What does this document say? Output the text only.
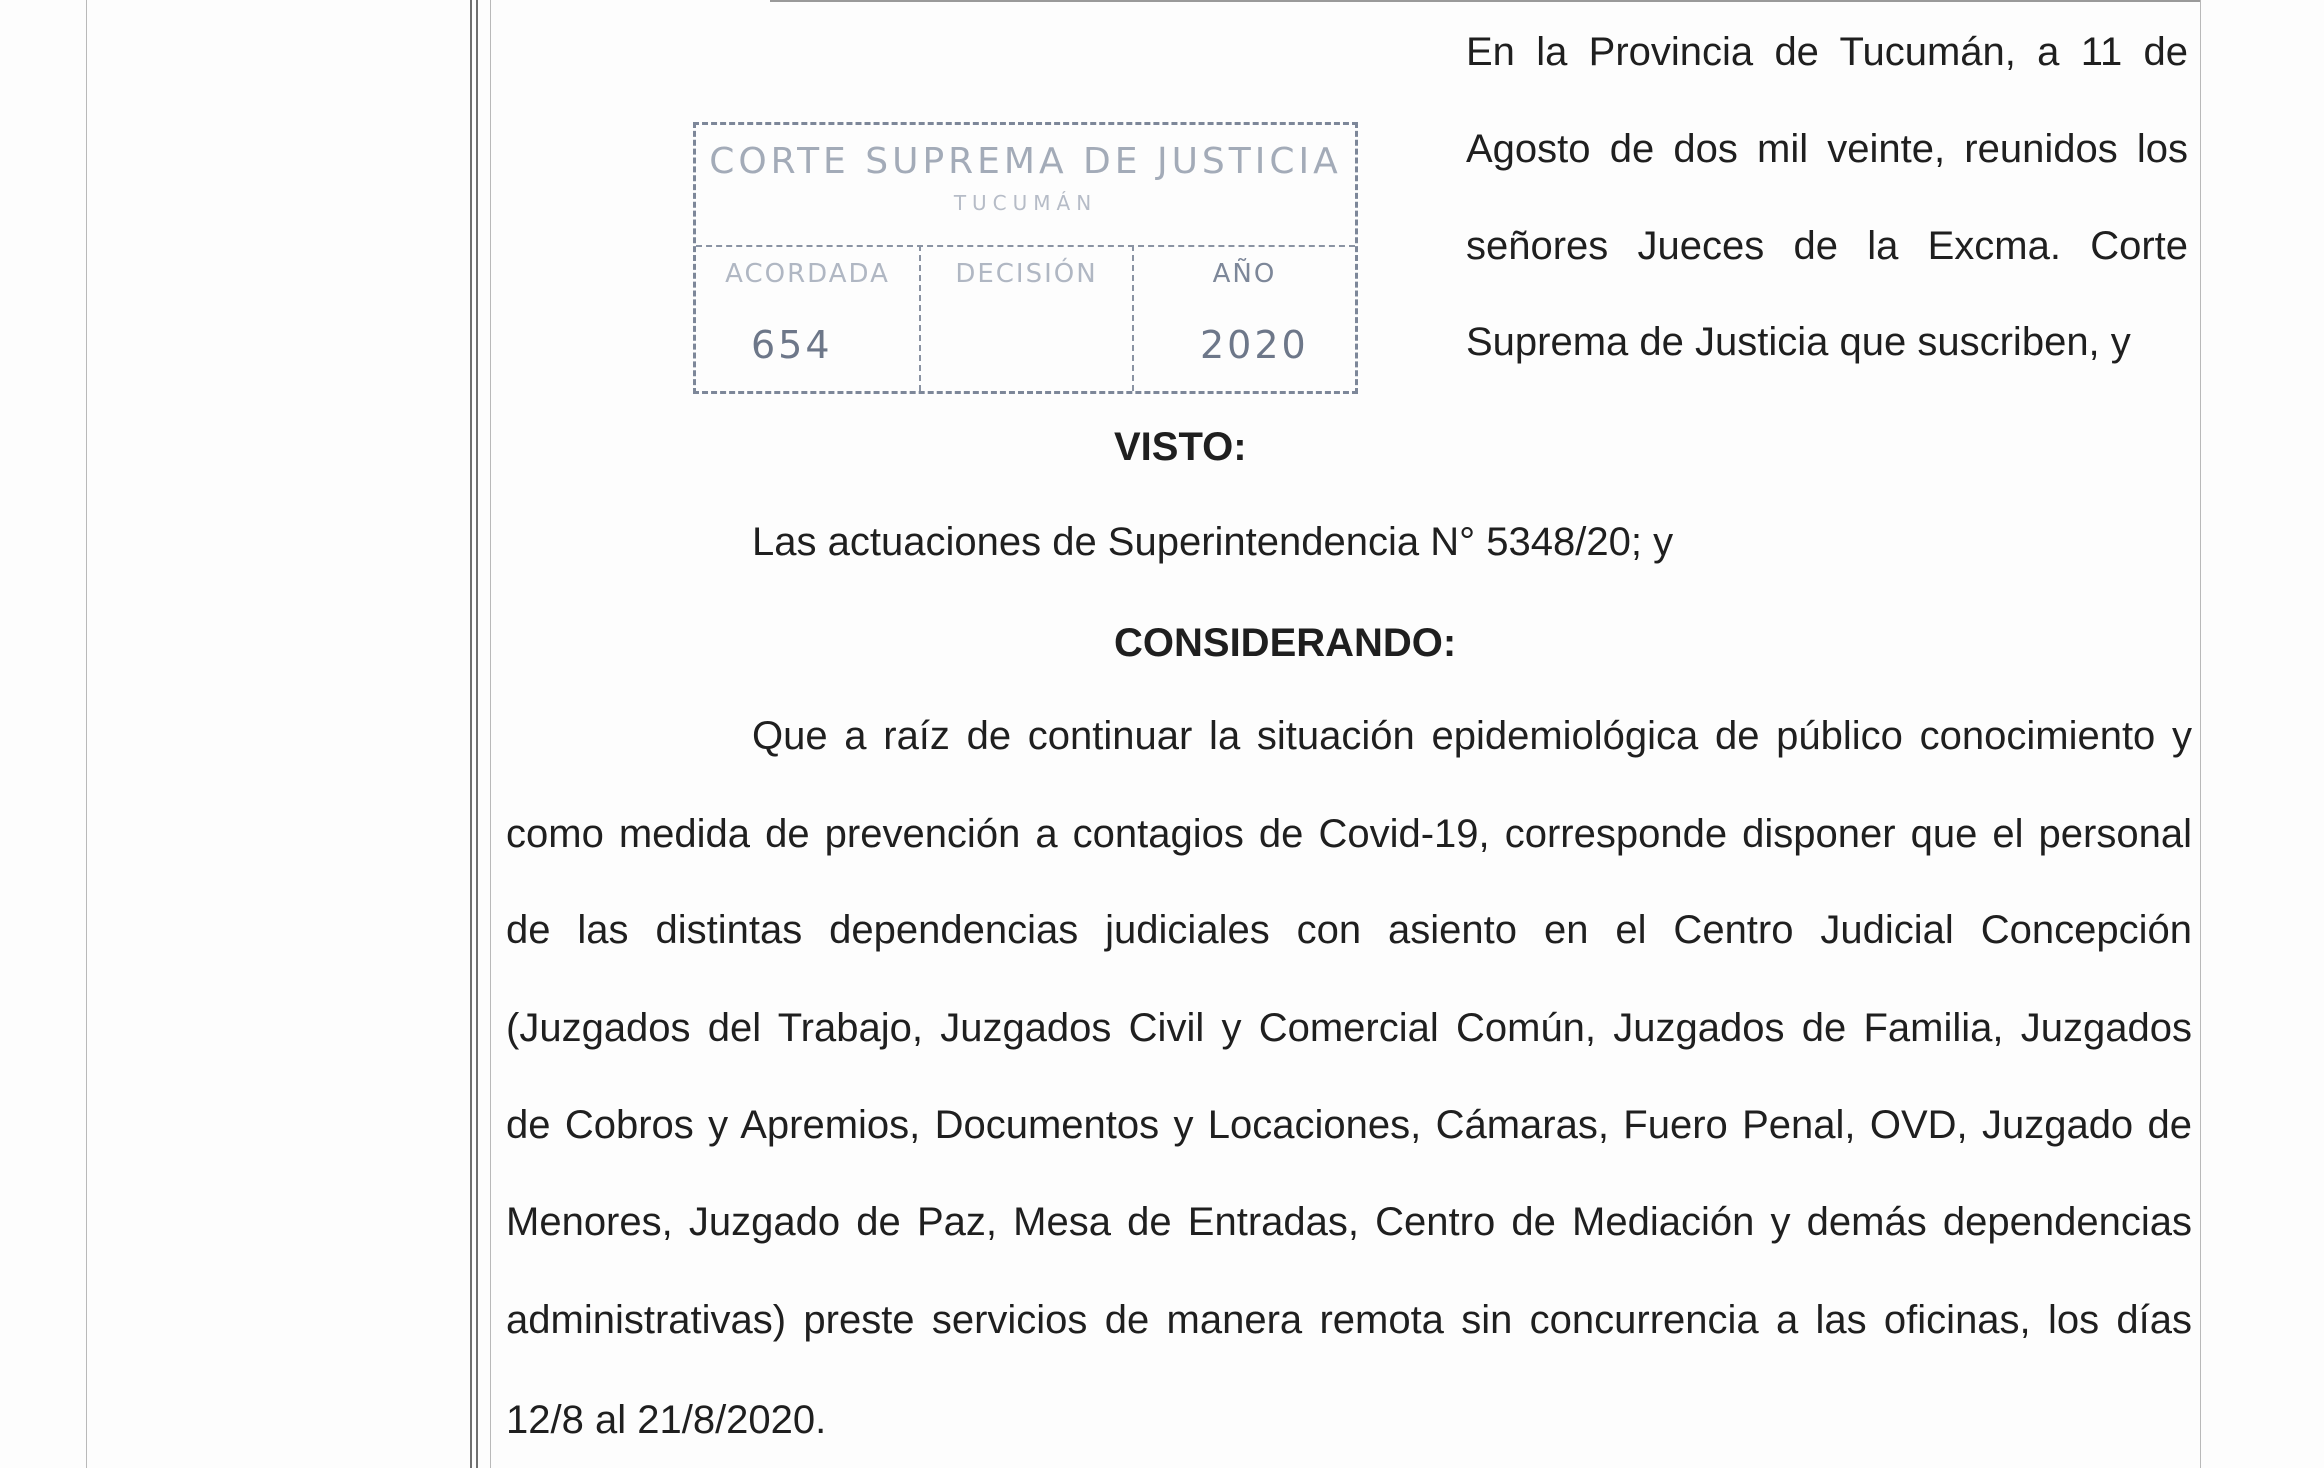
CORTE SUPREMA DE JUSTICIA
TUCUMÁN
ACORDADA
654
DECISIÓN	AÑO
2020
En la Provincia de Tucumán, a 11 de
Agosto de dos mil veinte, reunidos los
señores Jueces de la Excma. Corte
Suprema de Justicia que suscriben, y
VISTO:
Las actuaciones de Superintendencia N° 5348/20; y
CONSIDERANDO:
Que a raíz de continuar la situación epidemiológica de público conocimiento y
como medida de prevención a contagios de Covid-19, corresponde disponer que el personal
de las distintas dependencias judiciales con asiento en el Centro Judicial Concepción
(Juzgados del Trabajo, Juzgados Civil y Comercial Común, Juzgados de Familia, Juzgados
de Cobros y Apremios, Documentos y Locaciones, Cámaras, Fuero Penal, OVD, Juzgado de
Menores, Juzgado de Paz, Mesa de Entradas, Centro de Mediación y demás dependencias
administrativas) preste servicios de manera remota sin concurrencia a las oficinas, los días
12/8 al 21/8/2020.
